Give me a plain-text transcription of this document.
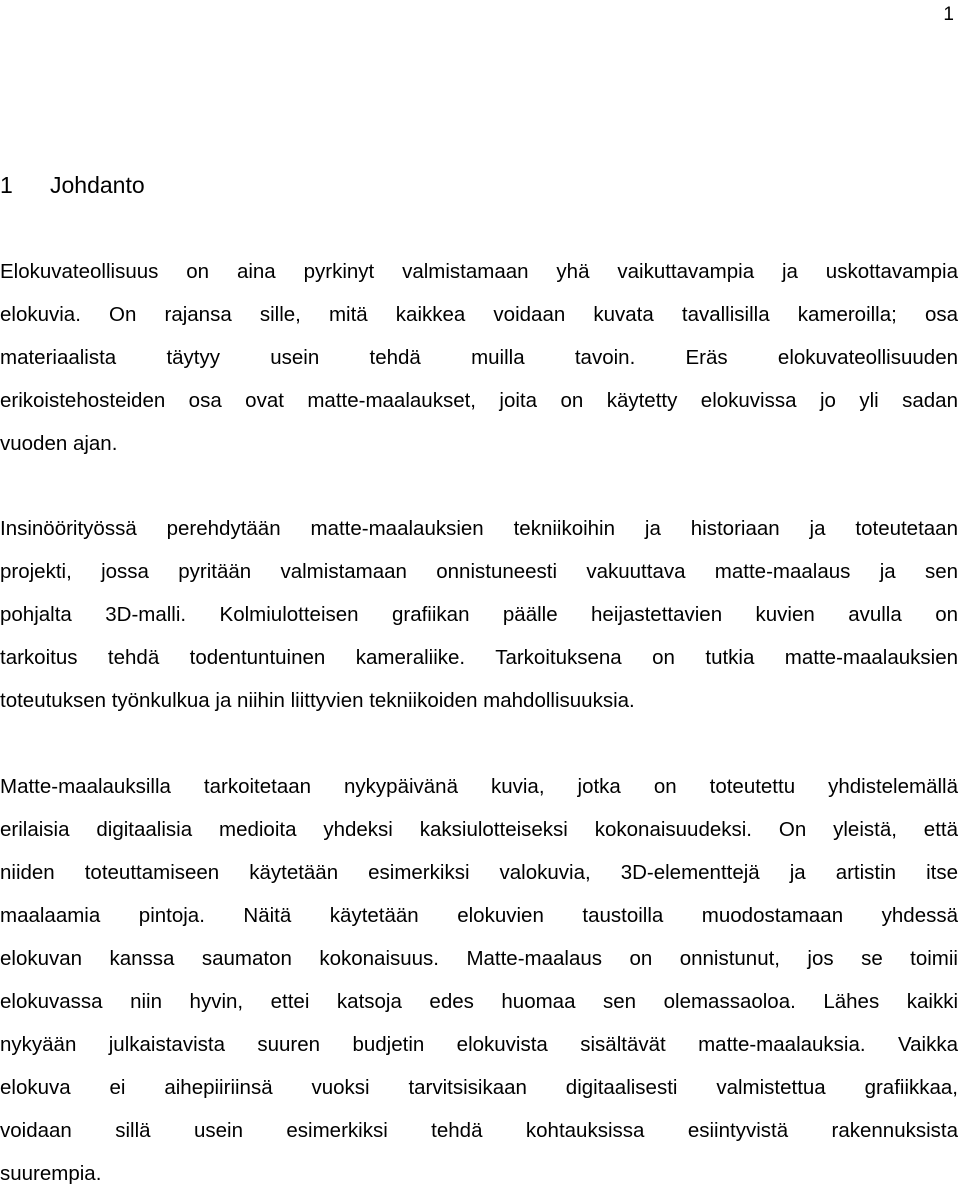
1
1 Johdanto
Elokuvateollisuus on aina pyrkinyt valmistamaan yhä vaikuttavampia ja uskottavampia
elokuvia. On rajansa sille, mitä kaikkea voidaan kuvata tavallisilla kameroilla; osa
materiaalista täytyy usein tehdä muilla tavoin. Eräs elokuvateollisuuden
erikoistehosteiden osa ovat matte-maalaukset, joita on käytetty elokuvissa jo yli sadan
vuoden ajan.
Insinöörityössä perehdytään matte-maalauksien tekniikoihin ja historiaan ja toteutetaan
projekti, jossa pyritään valmistamaan onnistuneesti vakuuttava matte-maalaus ja sen
pohjalta 3D-malli. Kolmiulotteisen grafiikan päälle heijastettavien kuvien avulla on
tarkoitus tehdä todentuntuinen kameraliike. Tarkoituksena on tutkia matte-maalauksien
toteutuksen työnkulkua ja niihin liittyvien tekniikoiden mahdollisuuksia.
Matte-maalauksilla tarkoitetaan nykypäivänä kuvia, jotka on toteutettu yhdistelemällä
erilaisia digitaalisia medioita yhdeksi kaksiulotteiseksi kokonaisuudeksi. On yleistä, että
niiden toteuttamiseen käytetään esimerkiksi valokuvia, 3D-elementtejä ja artistin itse
maalaamia pintoja. Näitä käytetään elokuvien taustoilla muodostamaan yhdessä
elokuvan kanssa saumaton kokonaisuus. Matte-maalaus on onnistunut, jos se toimii
elokuvassa niin hyvin, ettei katsoja edes huomaa sen olemassaoloa. Lähes kaikki
nykyään julkaistavista suuren budjetin elokuvista sisältävät matte-maalauksia. Vaikka
elokuva ei aihepiiriinsä vuoksi tarvitsisikaan digitaalisesti valmistettua grafiikkaa,
voidaan sillä usein esimerkiksi tehdä kohtauksissa esiintyvistä rakennuksista
suurempia.
